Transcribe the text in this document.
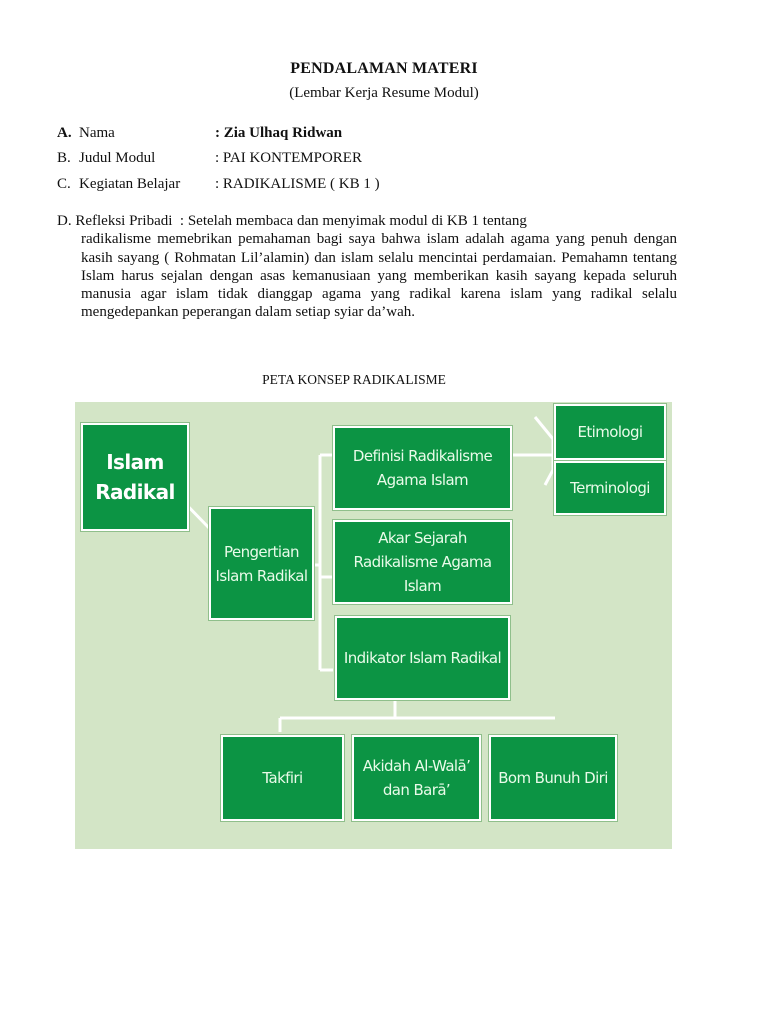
PENDALAMAN MATERI
(Lembar Kerja Resume Modul)
A. Nama	: Zia Ulhaq Ridwan
B. Judul Modul	: PAI KONTEMPORER
C. Kegiatan Belajar : RADIKALISME ( KB 1 )
D. Refleksi Pribadi : Setelah membaca dan menyimak modul di KB 1 tentang
radikalisme memebrikan pemahaman bagi saya bahwa islam adalah agama yang penuh dengan kasih sayang ( Rohmatan Lil’alamin) dan islam selalu mencintai perdamaian. Pemahamn tentang Islam harus sejalan dengan asas kemanusiaan yang memberikan kasih sayang kepada seluruh manusia agar islam tidak dianggap agama yang radikal karena islam yang radikal selalu mengedepankan peperangan dalam setiap syiar da’wah.
PETA KONSEP RADIKALISME
Islam Radikal
Pengertian Islam Radikal
Definisi Radikalisme Agama Islam
Etimologi
Terminologi
Akar Sejarah Radikalisme Agama Islam
Indikator Islam Radikal
Takfiri
Akidah Al-Walā’ dan Barā’
Bom Bunuh Diri
